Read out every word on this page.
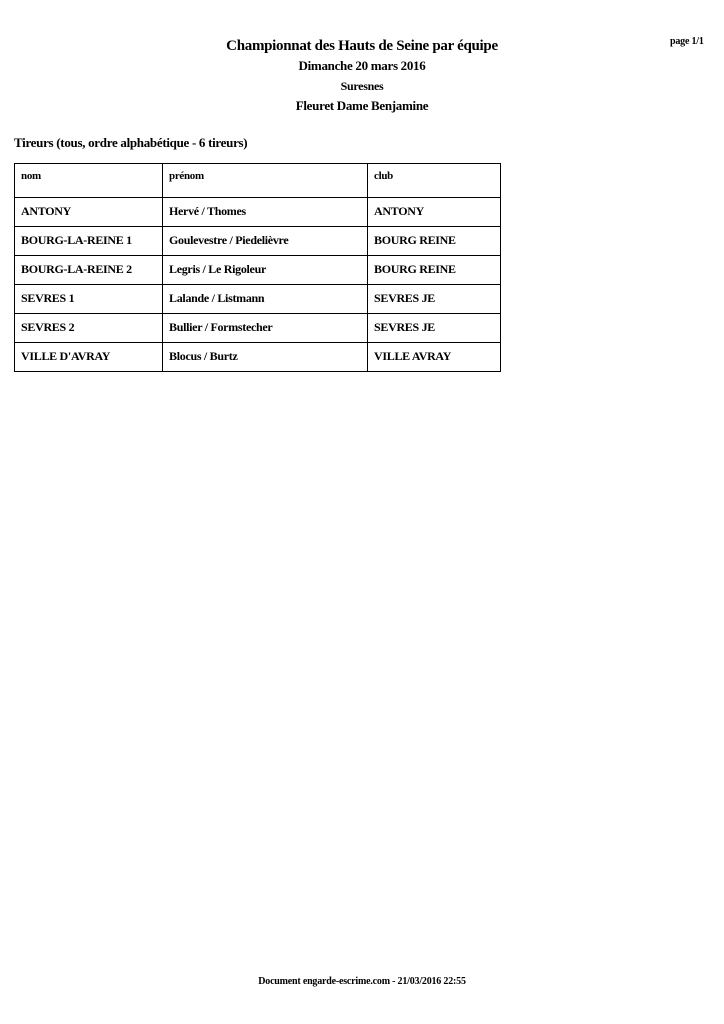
page 1/1
Championnat des Hauts de Seine par équipe
Dimanche 20 mars 2016
Suresnes
Fleuret Dame Benjamine
Tireurs (tous, ordre alphabétique - 6 tireurs)
nom	prénom	club
ANTONY	Hervé / Thomes	ANTONY
BOURG-LA-REINE 1	Goulevestre / Piedelièvre	BOURG REINE
BOURG-LA-REINE 2	Legris / Le Rigoleur	BOURG REINE
SEVRES 1	Lalande / Listmann	SEVRES JE
SEVRES 2	Bullier / Formstecher	SEVRES JE
VILLE D'AVRAY	Blocus / Burtz	VILLE AVRAY
Document engarde-escrime.com - 21/03/2016 22:55
